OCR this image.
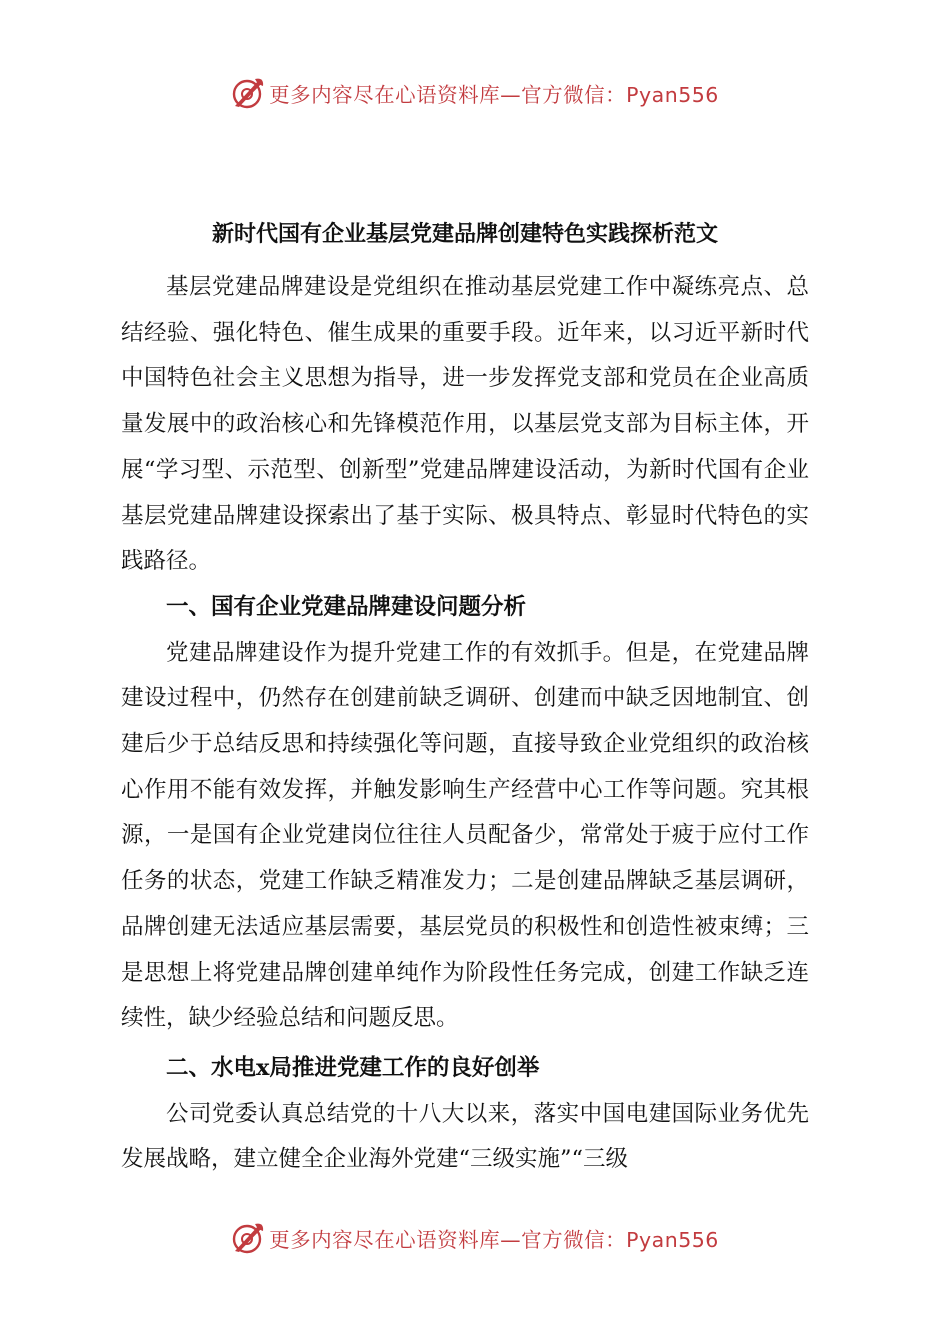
更多内容尽在心语资料库—官方微信：Pyan556
新时代国有企业基层党建品牌创建特色实践探析范文

基层党建品牌建设是党组织在推动基层党建工作中凝练亮点、总结经验、强化特色、催生成果的重要手段。近年来，以习近平新时代中国特色社会主义思想为指导，进一步发挥党支部和党员在企业高质量发展中的政治核心和先锋模范作用，以基层党支部为目标主体，开展“学习型、示范型、创新型”党建品牌建设活动，为新时代国有企业基层党建品牌建设探索出了基于实际、极具特点、彰显时代特色的实践路径。

一、国有企业党建品牌建设问题分析

党建品牌建设作为提升党建工作的有效抓手。但是，在党建品牌建设过程中，仍然存在创建前缺乏调研、创建而中缺乏因地制宜、创建后少于总结反思和持续强化等问题，直接导致企业党组织的政治核心作用不能有效发挥，并触发影响生产经营中心工作等问题。究其根源，一是国有企业党建岗位往往人员配备少，常常处于疲于应付工作任务的状态，党建工作缺乏精准发力；二是创建品牌缺乏基层调研，品牌创建无法适应基层需要，基层党员的积极性和创造性被束缚；三是思想上将党建品牌创建单纯作为阶段性任务完成，创建工作缺乏连续性，缺少经验总结和问题反思。

二、水电x局推进党建工作的良好创举

公司党委认真总结党的十八大以来，落实中国电建国际业务优先发展战略，建立健全企业海外党建“三级实施”“三级

更多内容尽在心语资料库—官方微信：Pyan556
